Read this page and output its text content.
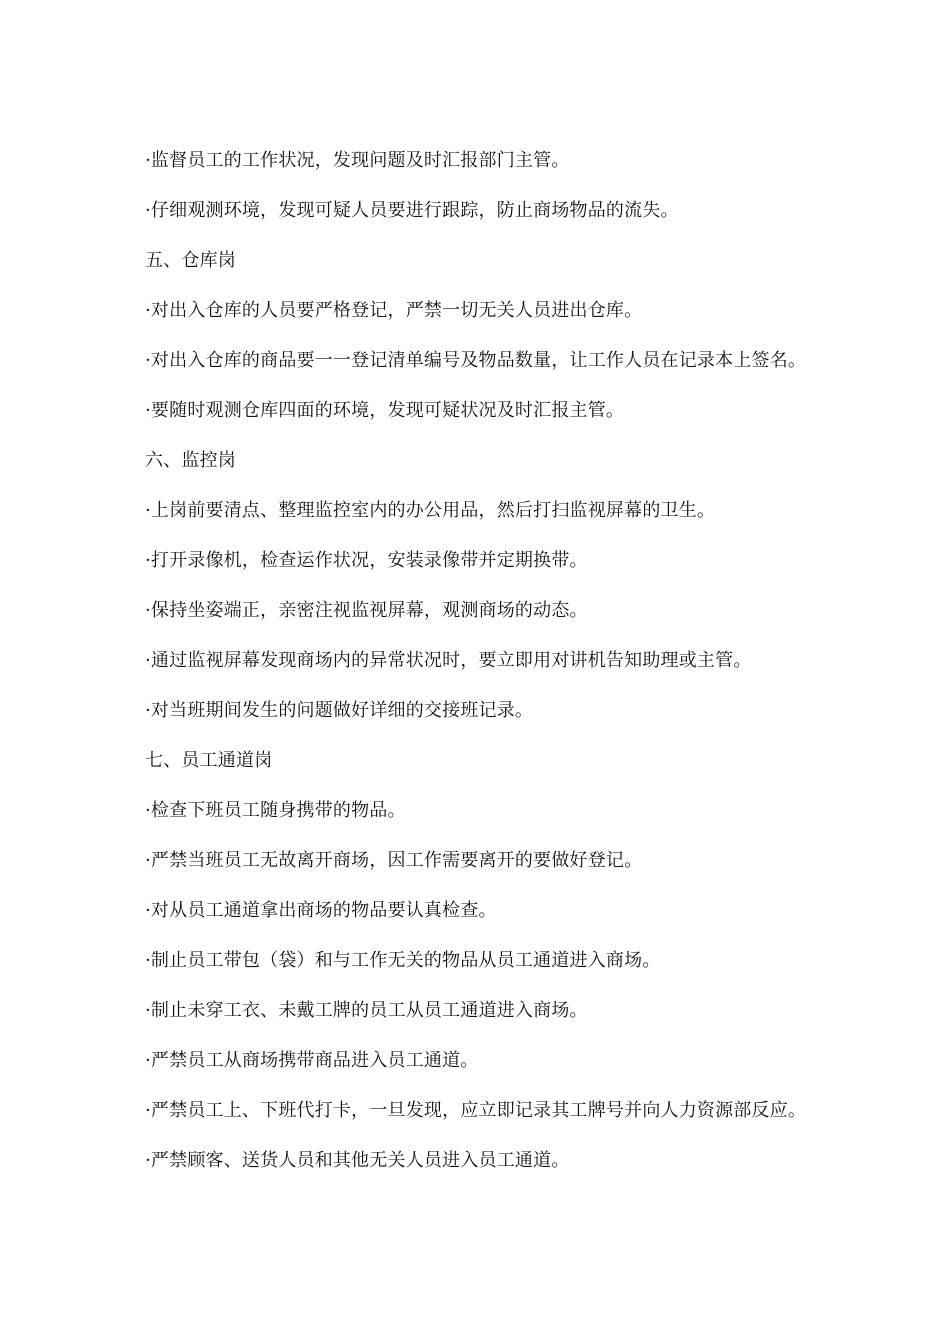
·监督员工的工作状况，发现问题及时汇报部门主管。

·仔细观测环境，发现可疑人员要进行跟踪，防止商场物品的流失。

五、仓库岗

·对出入仓库的人员要严格登记，严禁一切无关人员进出仓库。

·对出入仓库的商品要一一登记清单编号及物品数量，让工作人员在记录本上签名。

·要随时观测仓库四面的环境，发现可疑状况及时汇报主管。

六、监控岗

·上岗前要清点、整理监控室内的办公用品，然后打扫监视屏幕的卫生。

·打开录像机，检查运作状况，安装录像带并定期换带。

·保持坐姿端正，亲密注视监视屏幕，观测商场的动态。

·通过监视屏幕发现商场内的异常状况时，要立即用对讲机告知助理或主管。

·对当班期间发生的问题做好详细的交接班记录。

七、员工通道岗

·检查下班员工随身携带的物品。

·严禁当班员工无故离开商场，因工作需要离开的要做好登记。

·对从员工通道拿出商场的物品要认真检查。

·制止员工带包（袋）和与工作无关的物品从员工通道进入商场。

·制止未穿工衣、未戴工牌的员工从员工通道进入商场。

·严禁员工从商场携带商品进入员工通道。

·严禁员工上、下班代打卡，一旦发现，应立即记录其工牌号并向人力资源部反应。

·严禁顾客、送货人员和其他无关人员进入员工通道。
